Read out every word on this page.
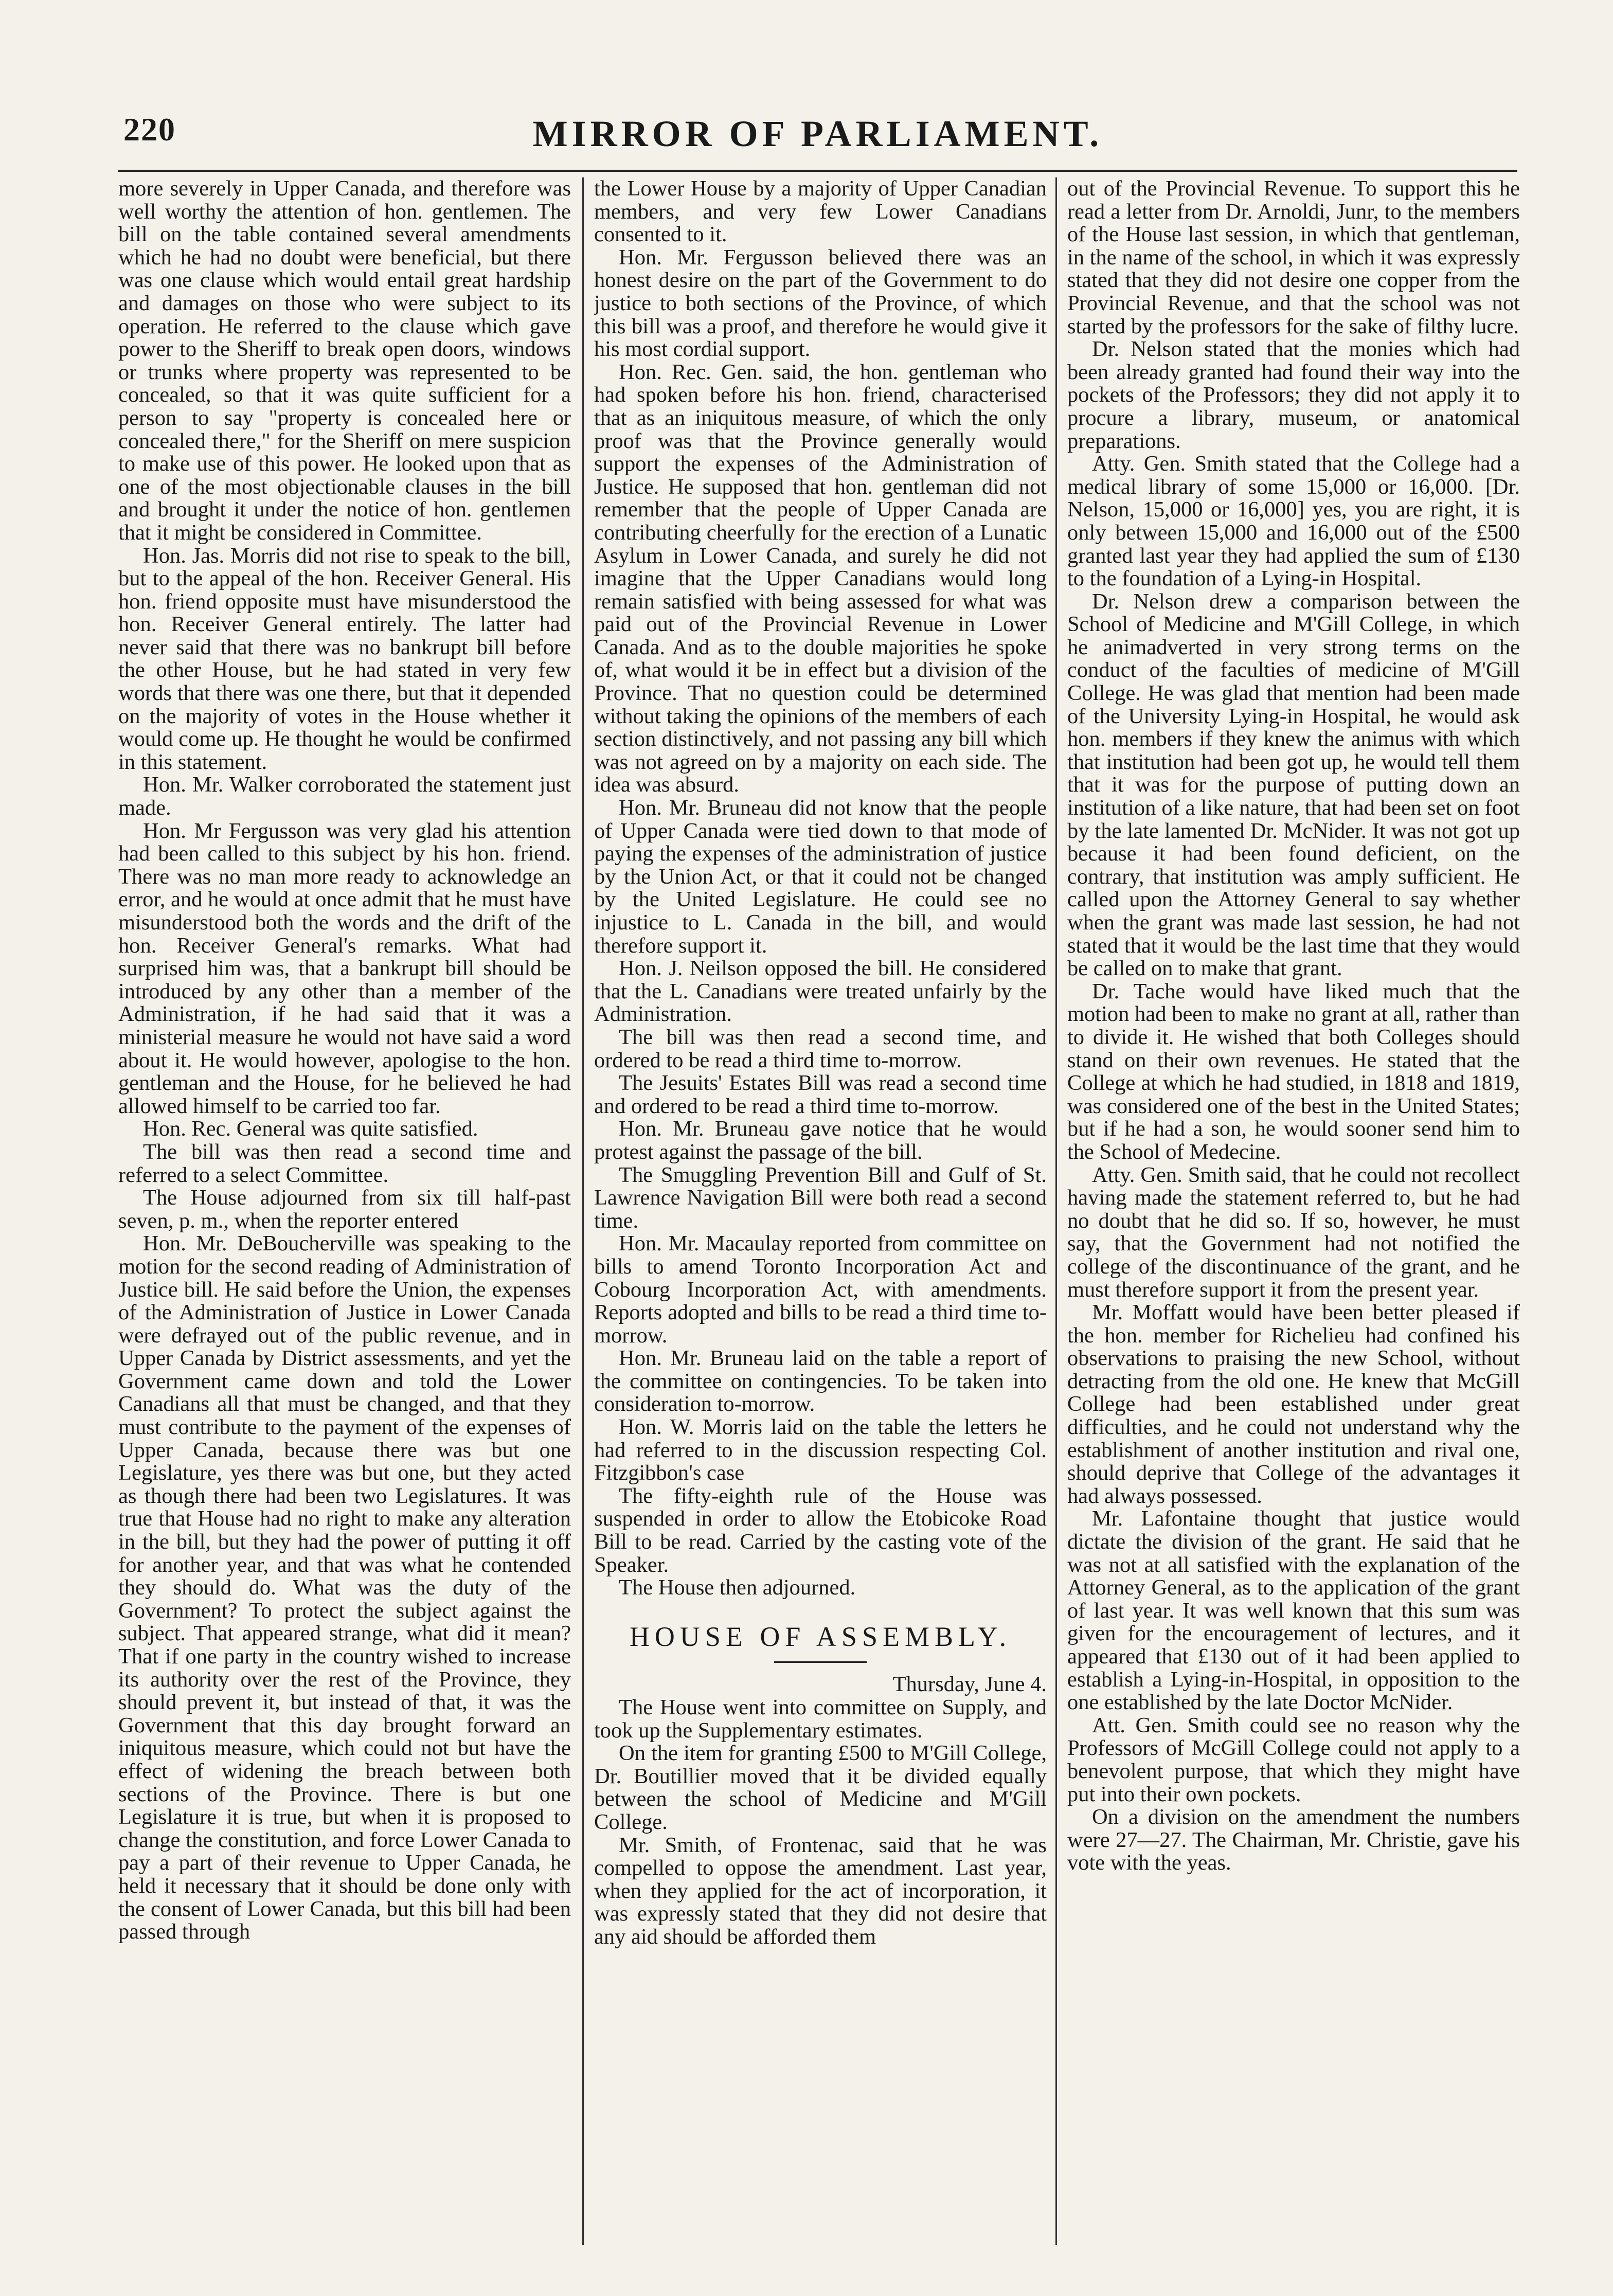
220	MIRROR OF PARLIAMENT.

more severely in Upper Canada, and therefore was well worthy the attention of hon. gentlemen. The bill on the table contained several amendments which he had no doubt were beneficial, but there was one clause which would entail great hardship and damages on those who were subject to its operation. He referred to the clause which gave power to the Sheriff to break open doors, windows or trunks where property was represented to be concealed, so that it was quite sufficient for a person to say "property is concealed here or concealed there," for the Sheriff on mere suspicion to make use of this power. He looked upon that as one of the most objectionable clauses in the bill and brought it under the notice of hon. gentlemen that it might be considered in Committee.

Hon. Jas. Morris did not rise to speak to the bill, but to the appeal of the hon. Receiver General. His hon. friend opposite must have misunderstood the hon. Receiver General entirely. The latter had never said that there was no bankrupt bill before the other House, but he had stated in very few words that there was one there, but that it depended on the majority of votes in the House whether it would come up. He thought he would be confirmed in this statement.

Hon. Mr. Walker corroborated the statement just made.

Hon. Mr Fergusson was very glad his attention had been called to this subject by his hon. friend. There was no man more ready to acknowledge an error, and he would at once admit that he must have misunderstood both the words and the drift of the hon. Receiver General's remarks. What had surprised him was, that a bankrupt bill should be introduced by any other than a member of the Administration, if he had said that it was a ministerial measure he would not have said a word about it. He would however, apologise to the hon. gentleman and the House, for he believed he had allowed himself to be carried too far.

Hon. Rec. General was quite satisfied.

The bill was then read a second time and referred to a select Committee.

The House adjourned from six till half-past seven, p. m., when the reporter entered

Hon. Mr. DeBoucherville was speaking to the motion for the second reading of Administration of Justice bill. He said before the Union, the expenses of the Administration of Justice in Lower Canada were defrayed out of the public revenue, and in Upper Canada by District assessments, and yet the Government came down and told the Lower Canadians all that must be changed, and that they must contribute to the payment of the expenses of Upper Canada, because there was but one Legislature, yes there was but one, but they acted as though there had been two Legislatures. It was true that House had no right to make any alteration in the bill, but they had the power of putting it off for another year, and that was what he contended they should do. What was the duty of the Government? To protect the subject against the subject. That appeared strange, what did it mean? That if one party in the country wished to increase its authority over the rest of the Province, they should prevent it, but instead of that, it was the Government that this day brought forward an iniquitous measure, which could not but have the effect of widening the breach between both sections of the Province. There is but one Legislature it is true, but when it is proposed to change the constitution, and force Lower Canada to pay a part of their revenue to Upper Canada, he held it necessary that it should be done only with the consent of Lower Canada, but this bill had been passed through

the Lower House by a majority of Upper Canadian members, and very few Lower Canadians consented to it.

Hon. Mr. Fergusson believed there was an honest desire on the part of the Government to do justice to both sections of the Province, of which this bill was a proof, and therefore he would give it his most cordial support.

Hon. Rec. Gen. said, the hon. gentleman who had spoken before his hon. friend, characterised that as an iniquitous measure, of which the only proof was that the Province generally would support the expenses of the Administration of Justice. He supposed that hon. gentleman did not remember that the people of Upper Canada are contributing cheerfully for the erection of a Lunatic Asylum in Lower Canada, and surely he did not imagine that the Upper Canadians would long remain satisfied with being assessed for what was paid out of the Provincial Revenue in Lower Canada. And as to the double majorities he spoke of, what would it be in effect but a division of the Province. That no question could be determined without taking the opinions of the members of each section distinctively, and not passing any bill which was not agreed on by a majority on each side. The idea was absurd.

Hon. Mr. Bruneau did not know that the people of Upper Canada were tied down to that mode of paying the expenses of the administration of justice by the Union Act, or that it could not be changed by the United Legislature. He could see no injustice to L. Canada in the bill, and would therefore support it.

Hon. J. Neilson opposed the bill. He considered that the L. Canadians were treated unfairly by the Administration.

The bill was then read a second time, and ordered to be read a third time to-morrow.

The Jesuits' Estates Bill was read a second time and ordered to be read a third time to-morrow.

Hon. Mr. Bruneau gave notice that he would protest against the passage of the bill.

The Smuggling Prevention Bill and Gulf of St. Lawrence Navigation Bill were both read a second time.

Hon. Mr. Macaulay reported from committee on bills to amend Toronto Incorporation Act and Cobourg Incorporation Act, with amendments. Reports adopted and bills to be read a third time to-morrow.

Hon. Mr. Bruneau laid on the table a report of the committee on contingencies. To be taken into consideration to-morrow.

Hon. W. Morris laid on the table the letters he had referred to in the discussion respecting Col. Fitzgibbon's case

The fifty-eighth rule of the House was suspended in order to allow the Etobicoke Road Bill to be read. Carried by the casting vote of the Speaker.

The House then adjourned.

HOUSE OF ASSEMBLY.

Thursday, June 4.

The House went into committee on Supply, and took up the Supplementary estimates.

On the item for granting £500 to M'Gill College, Dr. Boutillier moved that it be divided equally between the school of Medicine and M'Gill College.

Mr. Smith, of Frontenac, said that he was compelled to oppose the amendment. Last year, when they applied for the act of incorporation, it was expressly stated that they did not desire that any aid should be afforded them

out of the Provincial Revenue. To support this he read a letter from Dr. Arnoldi, Junr, to the members of the House last session, in which that gentleman, in the name of the school, in which it was expressly stated that they did not desire one copper from the Provincial Revenue, and that the school was not started by the professors for the sake of filthy lucre.

Dr. Nelson stated that the monies which had been already granted had found their way into the pockets of the Professors; they did not apply it to procure a library, museum, or anatomical preparations.

Atty. Gen. Smith stated that the College had a medical library of some 15,000 or 16,000. [Dr. Nelson, 15,000 or 16,000] yes, you are right, it is only between 15,000 and 16,000 out of the £500 granted last year they had applied the sum of £130 to the foundation of a Lying-in Hospital.

Dr. Nelson drew a comparison between the School of Medicine and M'Gill College, in which he animadverted in very strong terms on the conduct of the faculties of medicine of M'Gill College. He was glad that mention had been made of the University Lying-in Hospital, he would ask hon. members if they knew the animus with which that institution had been got up, he would tell them that it was for the purpose of putting down an institution of a like nature, that had been set on foot by the late lamented Dr. McNider. It was not got up because it had been found deficient, on the contrary, that institution was amply sufficient. He called upon the Attorney General to say whether when the grant was made last session, he had not stated that it would be the last time that they would be called on to make that grant.

Dr. Tache would have liked much that the motion had been to make no grant at all, rather than to divide it. He wished that both Colleges should stand on their own revenues. He stated that the College at which he had studied, in 1818 and 1819, was considered one of the best in the United States; but if he had a son, he would sooner send him to the School of Medecine.

Atty. Gen. Smith said, that he could not recollect having made the statement referred to, but he had no doubt that he did so. If so, however, he must say, that the Government had not notified the college of the discontinuance of the grant, and he must therefore support it from the present year.

Mr. Moffatt would have been better pleased if the hon. member for Richelieu had confined his observations to praising the new School, without detracting from the old one. He knew that McGill College had been established under great difficulties, and he could not understand why the establishment of another institution and rival one, should deprive that College of the advantages it had always possessed.

Mr. Lafontaine thought that justice would dictate the division of the grant. He said that he was not at all satisfied with the explanation of the Attorney General, as to the application of the grant of last year. It was well known that this sum was given for the encouragement of lectures, and it appeared that £130 out of it had been applied to establish a Lying-in-Hospital, in opposition to the one established by the late Doctor McNider.

Att. Gen. Smith could see no reason why the Professors of McGill College could not apply to a benevolent purpose, that which they might have put into their own pockets.

On a division on the amendment the numbers were 27—27. The Chairman, Mr. Christie, gave his vote with the yeas.
